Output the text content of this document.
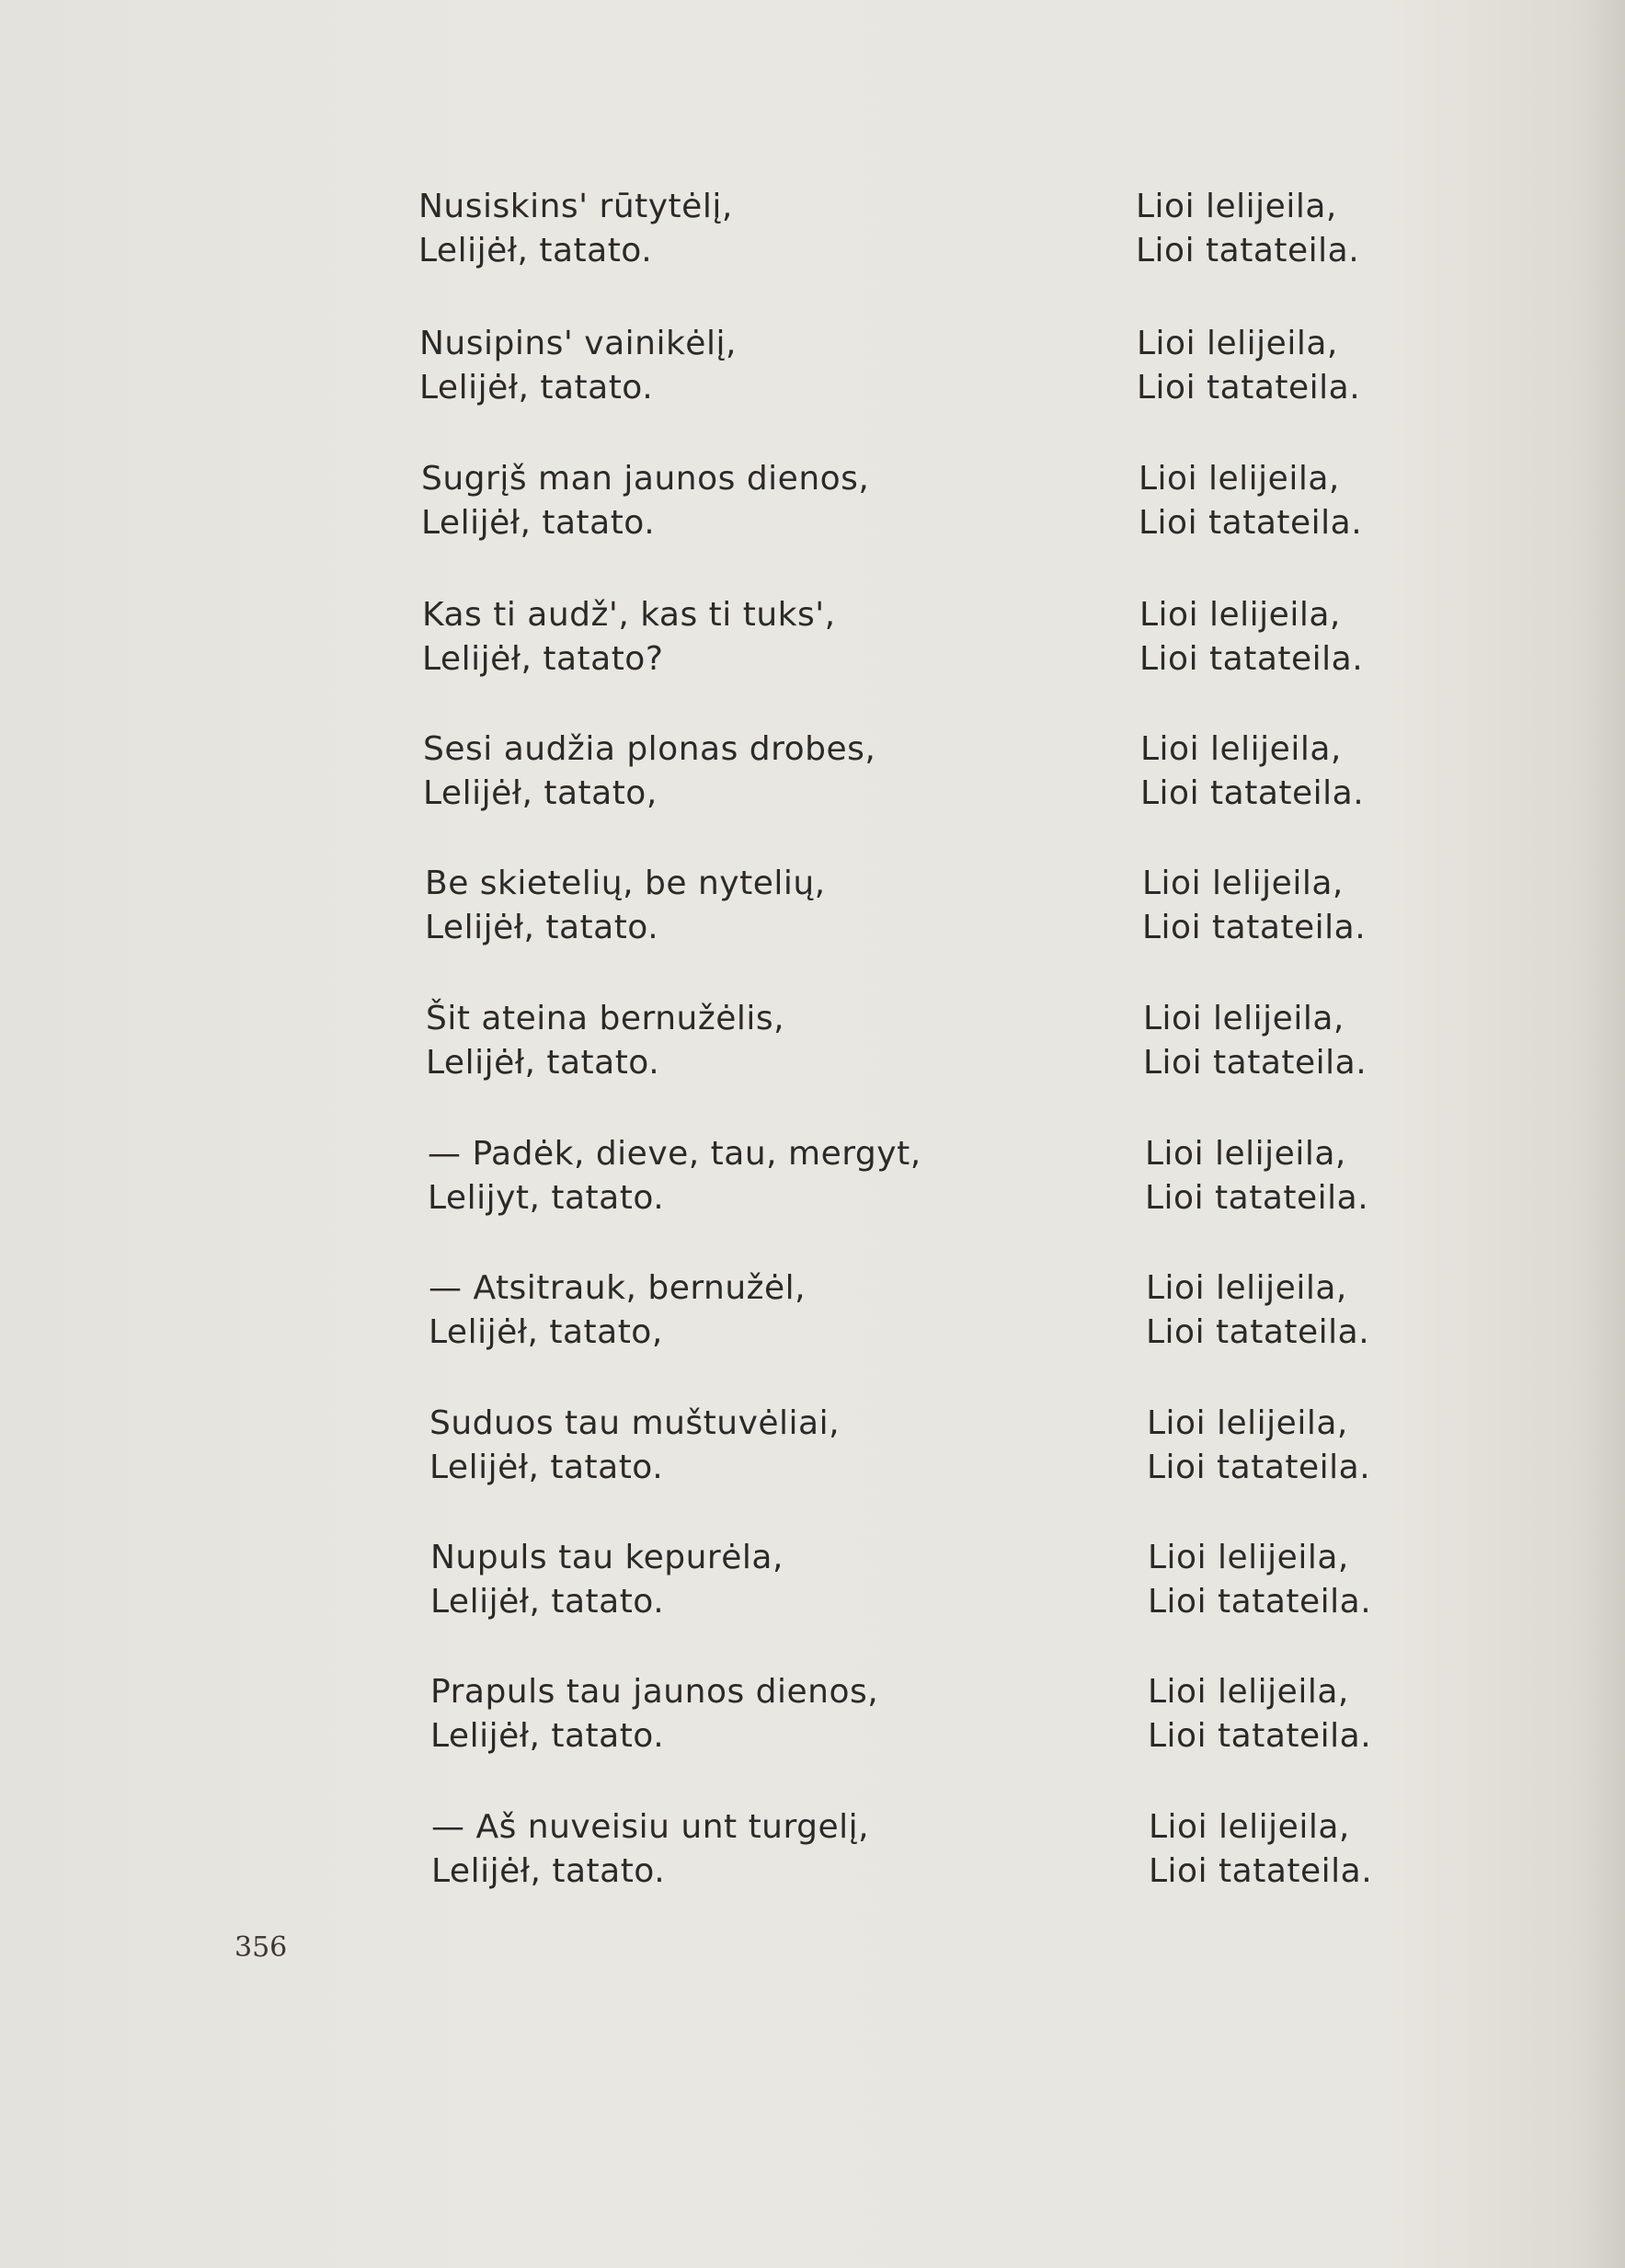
Nusiskins' rūtytėlį,
Lelijėł, tatato.
Lioi lelijeila,
Lioi tatateila.
Nusipins' vainikėlį,
Lelijėł, tatato.
Lioi lelijeila,
Lioi tatateila.
Sugrįš man jaunos dienos,
Lelijėł, tatato.
Lioi lelijeila,
Lioi tatateila.
Kas ti audž', kas ti tuks',
Lelijėł, tatato?
Lioi lelijeila,
Lioi tatateila.
Sesi audžia plonas drobes,
Lelijėł, tatato,
Lioi lelijeila,
Lioi tatateila.
Be skietelių, be nytelių,
Lelijėł, tatato.
Lioi lelijeila,
Lioi tatateila.
Šit ateina bernužėlis,
Lelijėł, tatato.
Lioi lelijeila,
Lioi tatateila.
— Padėk, dieve, tau, mergyt,
Lelijyt, tatato.
Lioi lelijeila,
Lioi tatateila.
— Atsitrauk, bernužėl,
Lelijėł, tatato,
Lioi lelijeila,
Lioi tatateila.
Suduos tau muštuvėliai,
Lelijėł, tatato.
Lioi lelijeila,
Lioi tatateila.
Nupuls tau kepurėla,
Lelijėł, tatato.
Lioi lelijeila,
Lioi tatateila.
Prapuls tau jaunos dienos,
Lelijėł, tatato.
Lioi lelijeila,
Lioi tatateila.
— Aš nuveisiu unt turgelį,
Lelijėł, tatato.
Lioi lelijeila,
Lioi tatateila.
356
